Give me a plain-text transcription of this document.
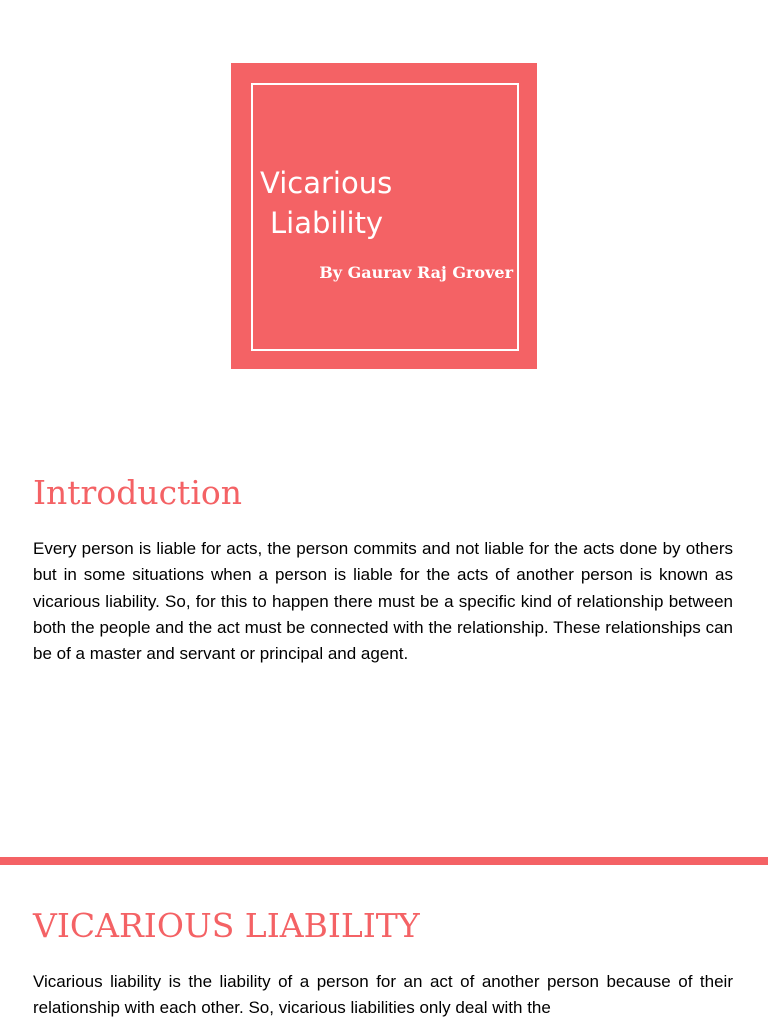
Vicarious
Liability
By Gaurav Raj Grover
Introduction

Every person is liable for acts, the person commits and not liable for the acts done by others but in some situations when a person is liable for the acts of another person is known as vicarious liability. So, for this to happen there must be a specific kind of relationship between both the people and the act must be connected with the relationship. These relationships can be of a master and servant or principal and agent.

VICARIOUS LIABILITY

Vicarious liability is the liability of a person for an act of another person because of their relationship with each other. So, vicarious liabilities only deal with the
